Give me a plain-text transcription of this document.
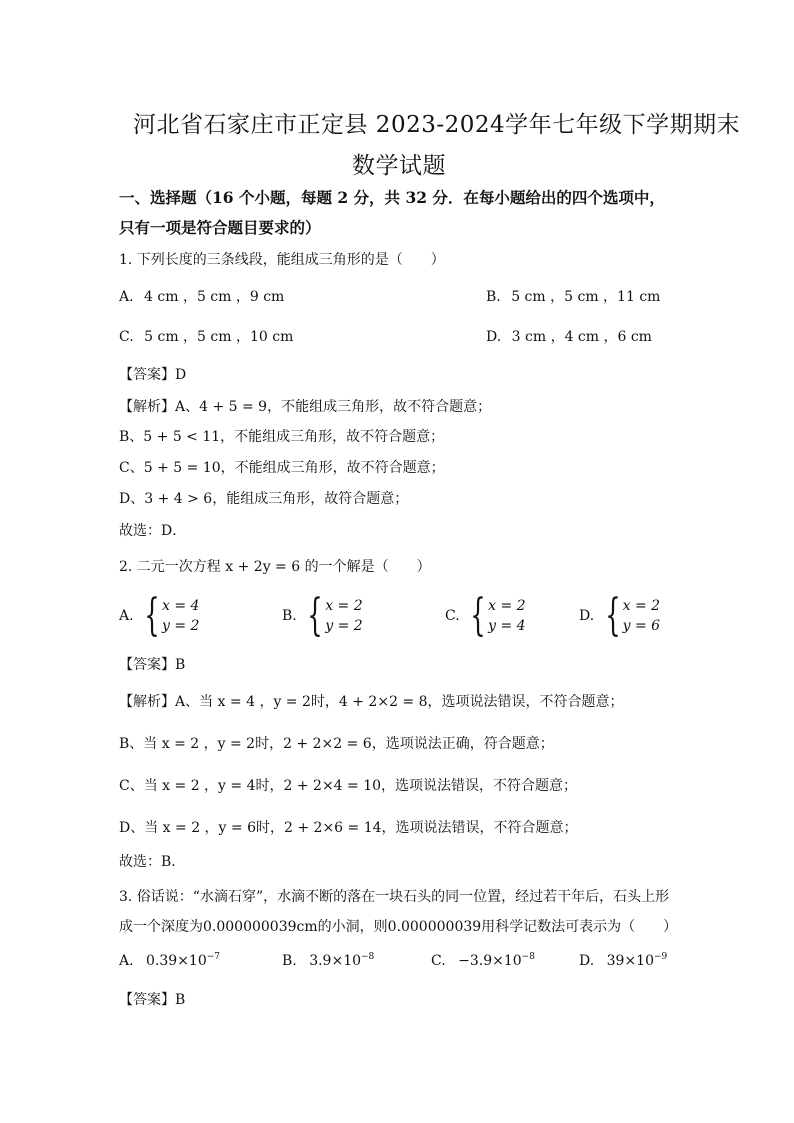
河北省石家庄市正定县 2023-2024学年七年级下学期期末
数学试题
一、选择题（16 个小题，每题 2 分，共 32 分．在每小题给出的四个选项中，
只有一项是符合题目要求的）
1. 下列长度的三条线段，能组成三角形的是（　　）
A. 4 cm ，5 cm ，9 cm	B. 5 cm ，5 cm ，11 cm
C. 5 cm ，5 cm ，10 cm	D. 3 cm ，4 cm ，6 cm
【答案】D
【解析】A、4 + 5 = 9，不能组成三角形，故不符合题意；
B、5 + 5 < 11，不能组成三角形，故不符合题意；
C、5 + 5 = 10，不能组成三角形，故不符合题意；
D、3 + 4 > 6，能组成三角形，故符合题意；
故选：D．
2. 二元一次方程 x + 2y = 6 的一个解是（　　）
A. { x = 4
y = 2
B. { x = 2
y = 2
C. { x = 2
y = 4
D. { x = 2
y = 6
【答案】B
【解析】A、当 x = 4 ，y = 2时，4 + 2×2 = 8，选项说法错误，不符合题意；
B、当 x = 2 ，y = 2时，2 + 2×2 = 6，选项说法正确，符合题意；
C、当 x = 2 ，y = 4时，2 + 2×4 = 10，选项说法错误，不符合题意；
D、当 x = 2 ，y = 6时，2 + 2×6 = 14，选项说法错误，不符合题意；
故选：B．
3. 俗话说：“水滴石穿”，水滴不断的落在一块石头的同一位置，经过若干年后，石头上形
成一个深度为0.000000039cm的小洞，则0.000000039用科学记数法可表示为（　　）
A. $0.39\times 10^{-7}$	B. $3.9\times 10^{-8}$	C. $-3.9\times 10^{-8}$	D. $39\times 10^{-9}$
【答案】B
